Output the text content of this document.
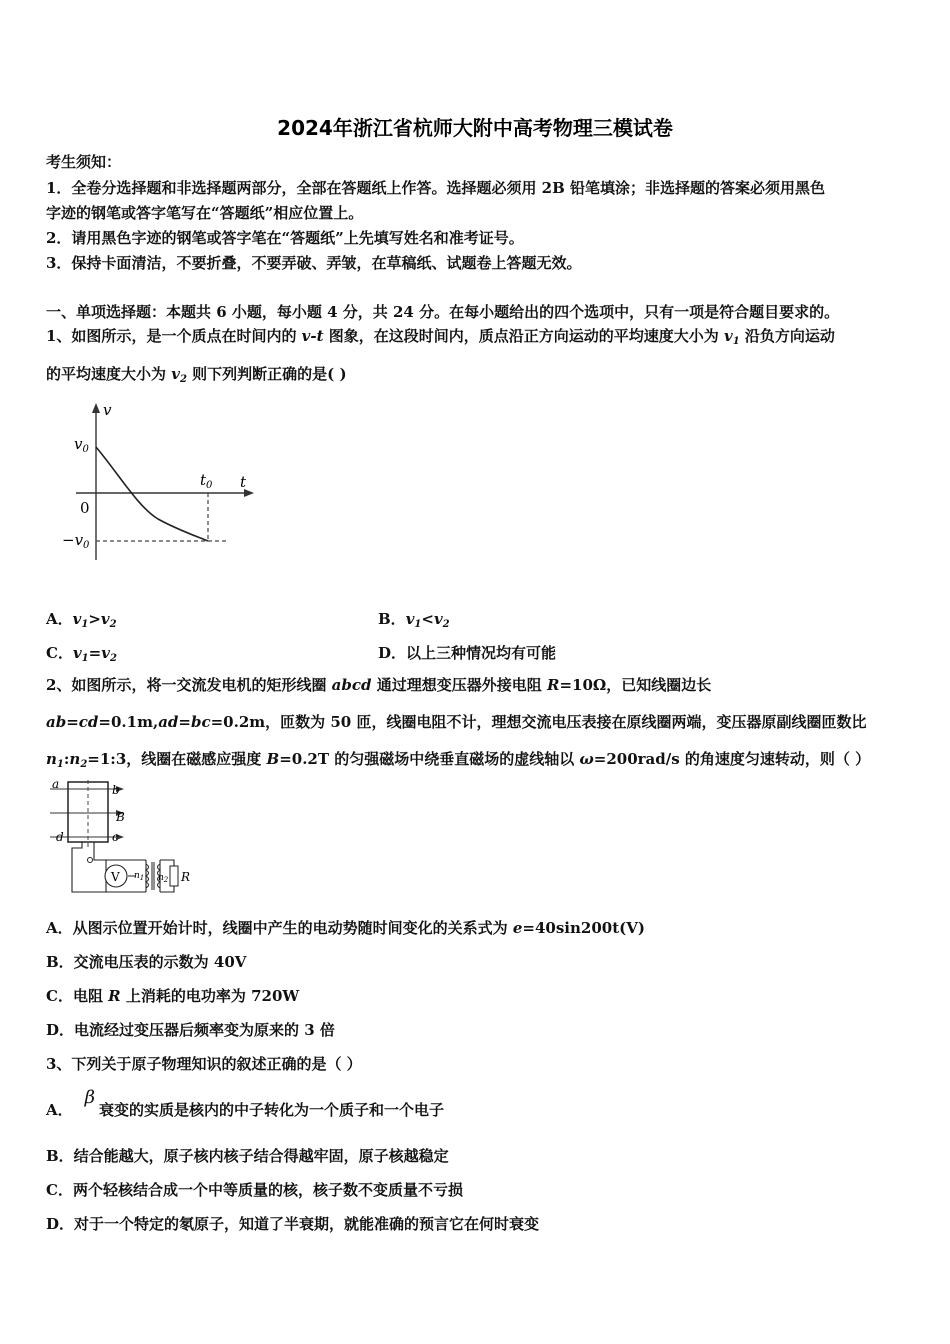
2024年浙江省杭师大附中高考物理三模试卷
考生须知：
1．全卷分选择题和非选择题两部分，全部在答题纸上作答。选择题必须用 2B 铅笔填涂；非选择题的答案必须用黑色
字迹的钢笔或答字笔写在“答题纸”相应位置上。
2．请用黑色字迹的钢笔或答字笔在“答题纸”上先填写姓名和准考证号。
3．保持卡面清洁，不要折叠，不要弄破、弄皱，在草稿纸、试题卷上答题无效。
一、单项选择题：本题共 6 小题，每小题 4 分，共 24 分。在每小题给出的四个选项中，只有一项是符合题目要求的。
1、如图所示，是一个质点在时间内的 v-t 图象，在这段时间内，质点沿正方向运动的平均速度大小为 $v_1$ 沿负方向运动
的平均速度大小为 $v_2$ 则下列判断正确的是( )
v
t
$v_0$
0
$-v_0$
$t_0$
A．$v_1>v_2$	B．$v_1<v_2$
C．$v_1=v_2$	D．以上三种情况均有可能
2、如图所示，将一交流发电机的矩形线圈 abcd 通过理想变压器外接电阻 R=10Ω，已知线圈边长
ab=cd=0.1m,ad=bc=0.2m，匝数为 50 匝，线圈电阻不计，理想交流电压表接在原线圈两端，变压器原副线圈匝数比
$n_1:n_2=1:3$，线圈在磁感应强度 B=0.2T 的匀强磁场中绕垂直磁场的虚线轴以 ω=200rad/s 的角速度匀速转动，则（ ）
a	b
B
d	c
V $n_1$ $n_2$ R
A．从图示位置开始计时，线圈中产生的电动势随时间变化的关系式为 e=40sin200t(V)
B．交流电压表的示数为 40V
C．电阻 R 上消耗的电功率为 720W
D．电流经过变压器后频率变为原来的 3 倍
3、下列关于原子物理知识的叙述正确的是（ ）
A．β衰变的实质是核内的中子转化为一个质子和一个电子
B．结合能越大，原子核内核子结合得越牢固，原子核越稳定
C．两个轻核结合成一个中等质量的核，核子数不变质量不亏损
D．对于一个特定的氡原子，知道了半衰期，就能准确的预言它在何时衰变
